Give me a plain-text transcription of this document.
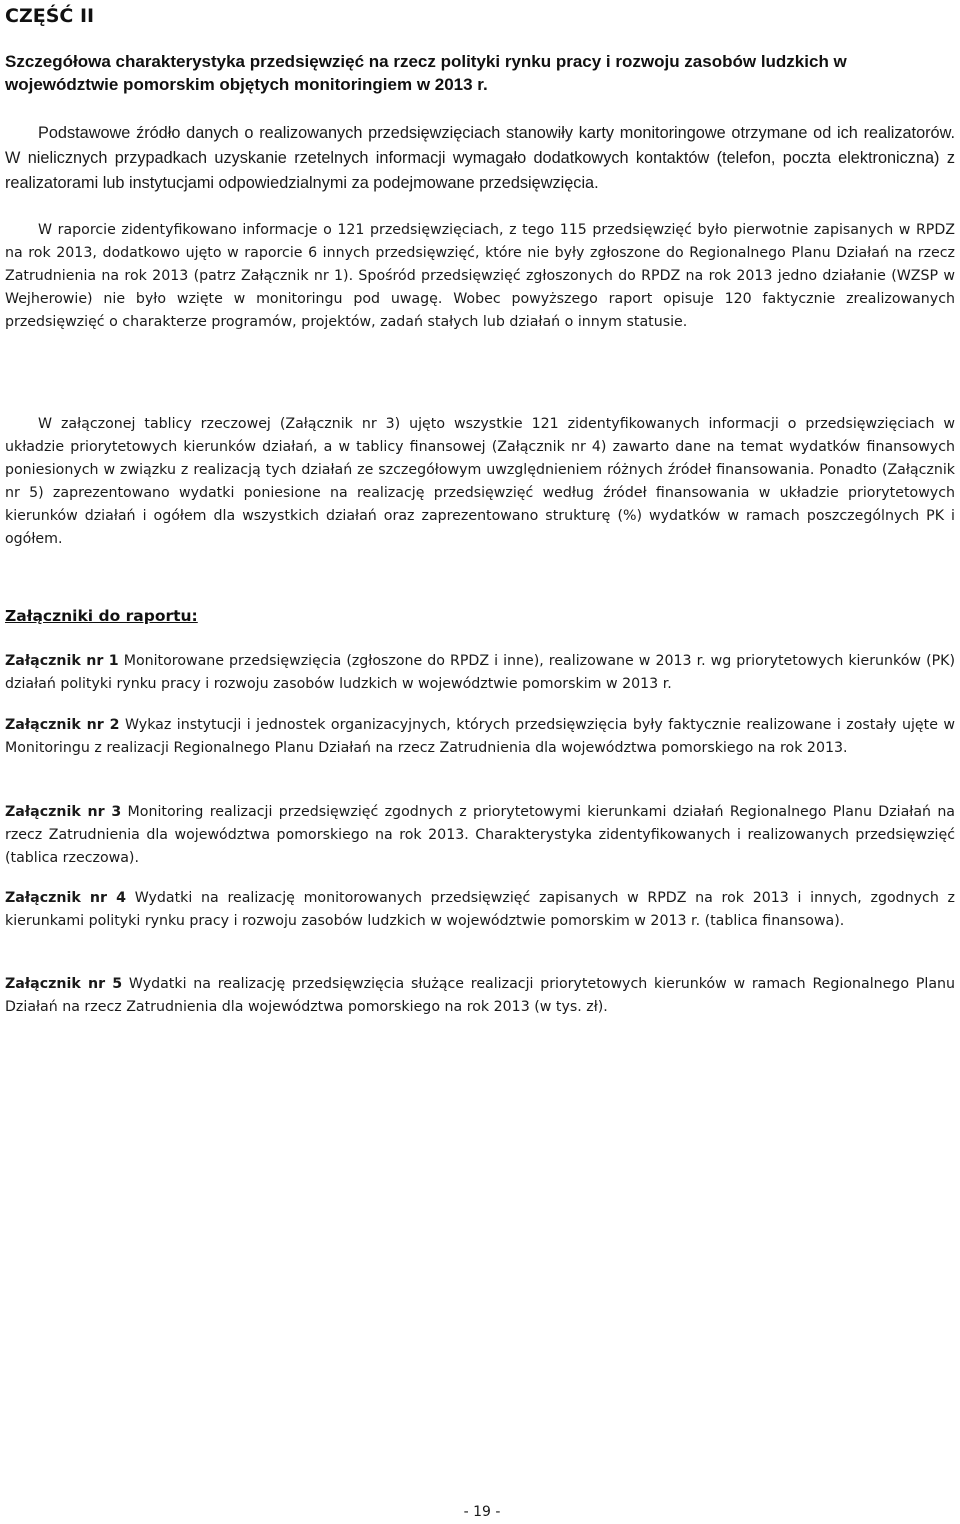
CZĘŚĆ II
Szczegółowa charakterystyka przedsięwzięć na rzecz polityki rynku pracy i rozwoju zasobów ludzkich w województwie pomorskim objętych monitoringiem w 2013 r.

Podstawowe źródło danych o realizowanych przedsięwzięciach stanowiły karty monitoringowe otrzymane od ich realizatorów. W nielicznych przypadkach uzyskanie rzetelnych informacji wymagało dodatkowych kontaktów (telefon, poczta elektroniczna) z realizatorami lub instytucjami odpowiedzialnymi za podejmowane przedsięwzięcia.

W raporcie zidentyfikowano informacje o 121 przedsięwzięciach, z tego 115 przedsięwzięć było pierwotnie zapisanych w RPDZ na rok 2013, dodatkowo ujęto w raporcie 6 innych przedsięwzięć, które nie były zgłoszone do Regionalnego Planu Działań na rzecz Zatrudnienia na rok 2013 (patrz Załącznik nr 1). Spośród przedsięwzięć zgłoszonych do RPDZ na rok 2013 jedno działanie (WZSP w Wejherowie) nie było wzięte w monitoringu pod uwagę. Wobec powyższego raport opisuje 120 faktycznie zrealizowanych przedsięwzięć o charakterze programów, projektów, zadań stałych lub działań o innym statusie.

W załączonej tablicy rzeczowej (Załącznik nr 3) ujęto wszystkie 121 zidentyfikowanych informacji o przedsięwzięciach w układzie priorytetowych kierunków działań, a w tablicy finansowej (Załącznik nr 4) zawarto dane na temat wydatków finansowych poniesionych w związku z realizacją tych działań ze szczegółowym uwzględnieniem różnych źródeł finansowania. Ponadto (Załącznik nr 5) zaprezentowano wydatki poniesione na realizację przedsięwzięć według źródeł finansowania w układzie priorytetowych kierunków działań i ogółem dla wszystkich działań oraz zaprezentowano strukturę (%) wydatków w ramach poszczególnych PK i ogółem.

Załączniki do raportu:

Załącznik nr 1 Monitorowane przedsięwzięcia (zgłoszone do RPDZ i inne), realizowane w 2013 r. wg priorytetowych kierunków (PK) działań polityki rynku pracy i rozwoju zasobów ludzkich w województwie pomorskim w 2013 r.

Załącznik nr 2 Wykaz instytucji i jednostek organizacyjnych, których przedsięwzięcia były faktycznie realizowane i zostały ujęte w Monitoringu z realizacji Regionalnego Planu Działań na rzecz Zatrudnienia dla województwa pomorskiego na rok 2013.

Załącznik nr 3 Monitoring realizacji przedsięwzięć zgodnych z priorytetowymi kierunkami działań Regionalnego Planu Działań na rzecz Zatrudnienia dla województwa pomorskiego na rok 2013. Charakterystyka zidentyfikowanych i realizowanych przedsięwzięć (tablica rzeczowa).

Załącznik nr 4 Wydatki na realizację monitorowanych przedsięwzięć zapisanych w RPDZ na rok 2013 i innych, zgodnych z kierunkami polityki rynku pracy i rozwoju zasobów ludzkich w województwie pomorskim w 2013 r. (tablica finansowa).

Załącznik nr 5 Wydatki na realizację przedsięwzięcia służące realizacji priorytetowych kierunków w ramach Regionalnego Planu Działań na rzecz Zatrudnienia dla województwa pomorskiego na rok 2013 (w tys. zł).

- 19 -
